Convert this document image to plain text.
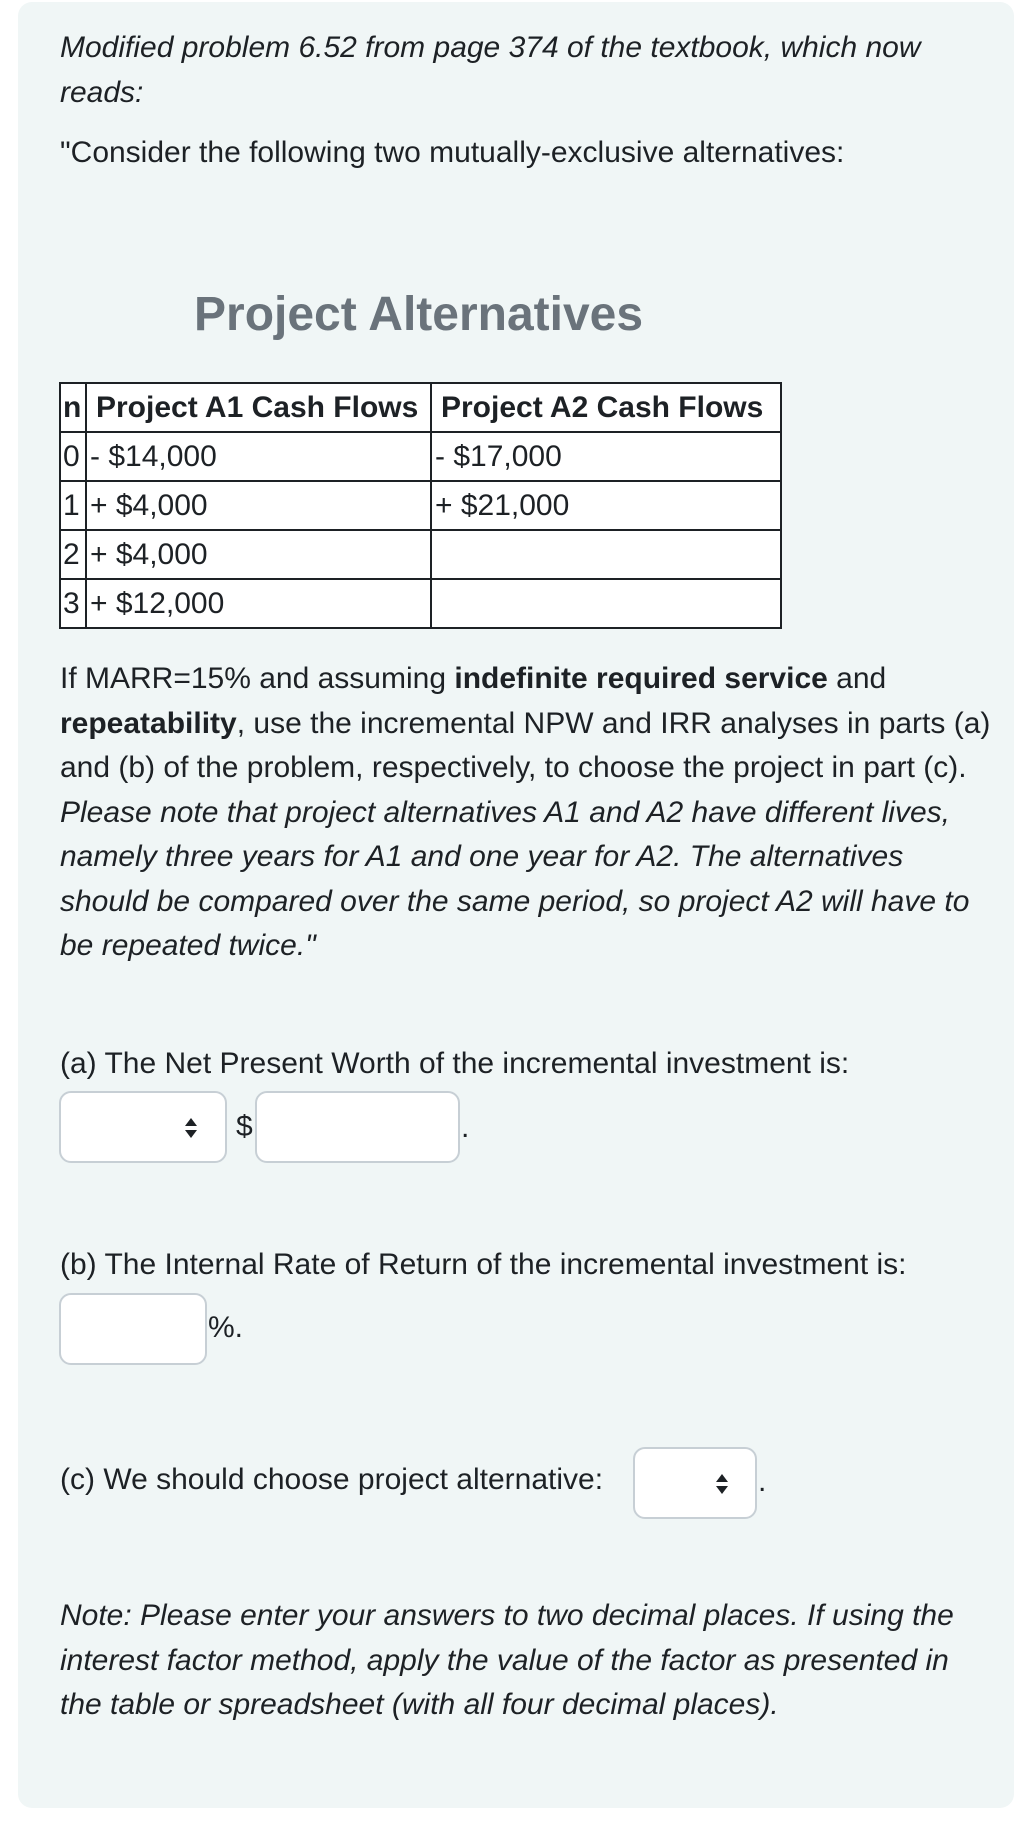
Modified problem 6.52 from page 374 of the textbook, which now reads:

"Consider the following two mutually-exclusive alternatives:

Project Alternatives
n	Project A1 Cash Flows	Project A2 Cash Flows
0	- $14,000	- $17,000
1	+ $4,000	+ $21,000
2	+ $4,000	
3	+ $12,000	

If MARR=15% and assuming indefinite required service and repeatability, use the incremental NPW and IRR analyses in parts (a) and (b) of the problem, respectively, to choose the project in part (c). Please note that project alternatives A1 and A2 have different lives, namely three years for A1 and one year for A2. The alternatives should be compared over the same period, so project A2 will have to be repeated twice."

(a) The Net Present Worth of the incremental investment is:
$	.
(b) The Internal Rate of Return of the incremental investment is:
%.
(c) We should choose project alternative:	.

Note: Please enter your answers to two decimal places. If using the interest factor method, apply the value of the factor as presented in the table or spreadsheet (with all four decimal places).
